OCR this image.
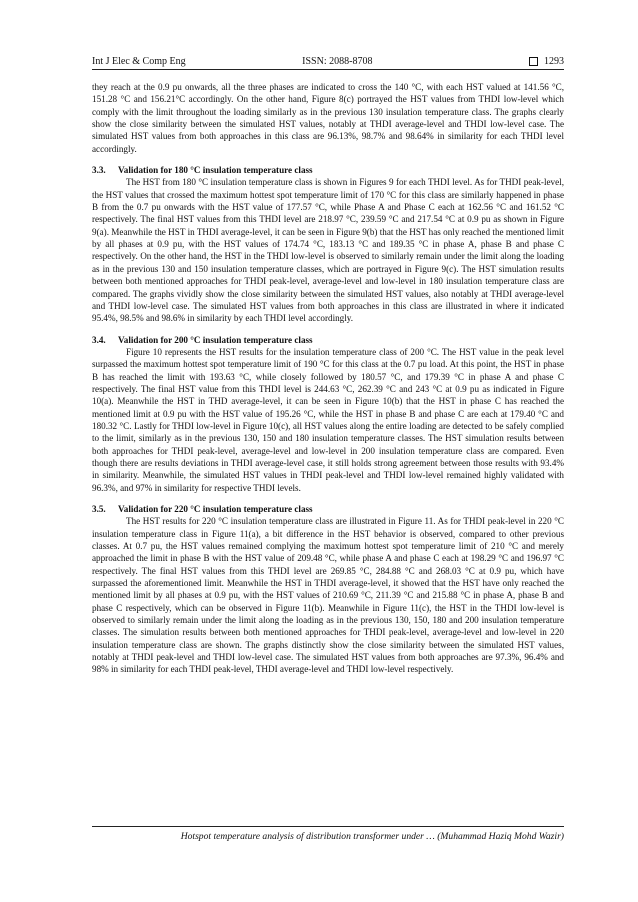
Int J Elec & Comp Eng	ISSN: 2088-8708	1293

they reach at the 0.9 pu onwards, all the three phases are indicated to cross the 140 °C, with each HST valued at 141.56 °C, 151.28 °C and 156.21°C accordingly. On the other hand, Figure 8(c) portrayed the HST values from THDI low-level which comply with the limit throughout the loading similarly as in the previous 130 insulation temperature class. The graphs clearly show the close similarity between the simulated HST values, notably at THDI average-level and THDI low-level case. The simulated HST values from both approaches in this class are 96.13%, 98.7% and 98.64% in similarity for each THDI level accordingly.

3.3. Validation for 180 °C insulation temperature class

The HST from 180 °C insulation temperature class is shown in Figures 9 for each THDI level. As for THDI peak-level, the HST values that crossed the maximum hottest spot temperature limit of 170 °C for this class are similarly happened in phase B from the 0.7 pu onwards with the HST value of 177.57 °C, while Phase A and Phase C each at 162.56 °C and 161.52 °C respectively. The final HST values from this THDI level are 218.97 °C, 239.59 °C and 217.54 °C at 0.9 pu as shown in Figure 9(a). Meanwhile the HST in THDI average-level, it can be seen in Figure 9(b) that the HST has only reached the mentioned limit by all phases at 0.9 pu, with the HST values of 174.74 °C, 183.13 °C and 189.35 °C in phase A, phase B and phase C respectively. On the other hand, the HST in the THDI low-level is observed to similarly remain under the limit along the loading as in the previous 130 and 150 insulation temperature classes, which are portrayed in Figure 9(c). The HST simulation results between both mentioned approaches for THDI peak-level, average-level and low-level in 180 insulation temperature class are compared. The graphs vividly show the close similarity between the simulated HST values, also notably at THDI average-level and THDI low-level case. The simulated HST values from both approaches in this class are illustrated in where it indicated 95.4%, 98.5% and 98.6% in similarity by each THDI level accordingly.

3.4. Validation for 200 °C insulation temperature class

Figure 10 represents the HST results for the insulation temperature class of 200 °C. The HST value in the peak level surpassed the maximum hottest spot temperature limit of 190 °C for this class at the 0.7 pu load. At this point, the HST in phase B has reached the limit with 193.63 °C, while closely followed by 180.57 °C, and 179.39 °C in phase A and phase C respectively. The final HST value from this THDI level is 244.63 °C, 262.39 °C and 243 °C at 0.9 pu as indicated in Figure 10(a). Meanwhile the HST in THD average-level, it can be seen in Figure 10(b) that the HST in phase C has reached the mentioned limit at 0.9 pu with the HST value of 195.26 °C, while the HST in phase B and phase C are each at 179.40 °C and 180.32 °C. Lastly for THDI low-level in Figure 10(c), all HST values along the entire loading are detected to be safely complied to the limit, similarly as in the previous 130, 150 and 180 insulation temperature classes. The HST simulation results between both approaches for THDI peak-level, average-level and low-level in 200 insulation temperature class are compared. Even though there are results deviations in THDI average-level case, it still holds strong agreement between those results with 93.4% in similarity. Meanwhile, the simulated HST values in THDI peak-level and THDI low-level remained highly validated with 96.3%, and 97% in similarity for respective THDI levels.

3.5. Validation for 220 °C insulation temperature class

The HST results for 220 °C insulation temperature class are illustrated in Figure 11. As for THDI peak-level in 220 °C insulation temperature class in Figure 11(a), a bit difference in the HST behavior is observed, compared to other previous classes. At 0.7 pu, the HST values remained complying the maximum hottest spot temperature limit of 210 °C and merely approached the limit in phase B with the HST value of 209.48 °C, while phase A and phase C each at 198.29 °C and 196.97 °C respectively. The final HST values from this THDI level are 269.85 °C, 284.88 °C and 268.03 °C at 0.9 pu, which have surpassed the aforementioned limit. Meanwhile the HST in THDI average-level, it showed that the HST have only reached the mentioned limit by all phases at 0.9 pu, with the HST values of 210.69 °C, 211.39 °C and 215.88 °C in phase A, phase B and phase C respectively, which can be observed in Figure 11(b). Meanwhile in Figure 11(c), the HST in the THDI low-level is observed to similarly remain under the limit along the loading as in the previous 130, 150, 180 and 200 insulation temperature classes. The simulation results between both mentioned approaches for THDI peak-level, average-level and low-level in 220 insulation temperature class are shown. The graphs distinctly show the close similarity between the simulated HST values, notably at THDI peak-level and THDI low-level case. The simulated HST values from both approaches are 97.3%, 96.4% and 98% in similarity for each THDI peak-level, THDI average-level and THDI low-level respectively.

Hotspot temperature analysis of distribution transformer under … (Muhammad Haziq Mohd Wazir)
